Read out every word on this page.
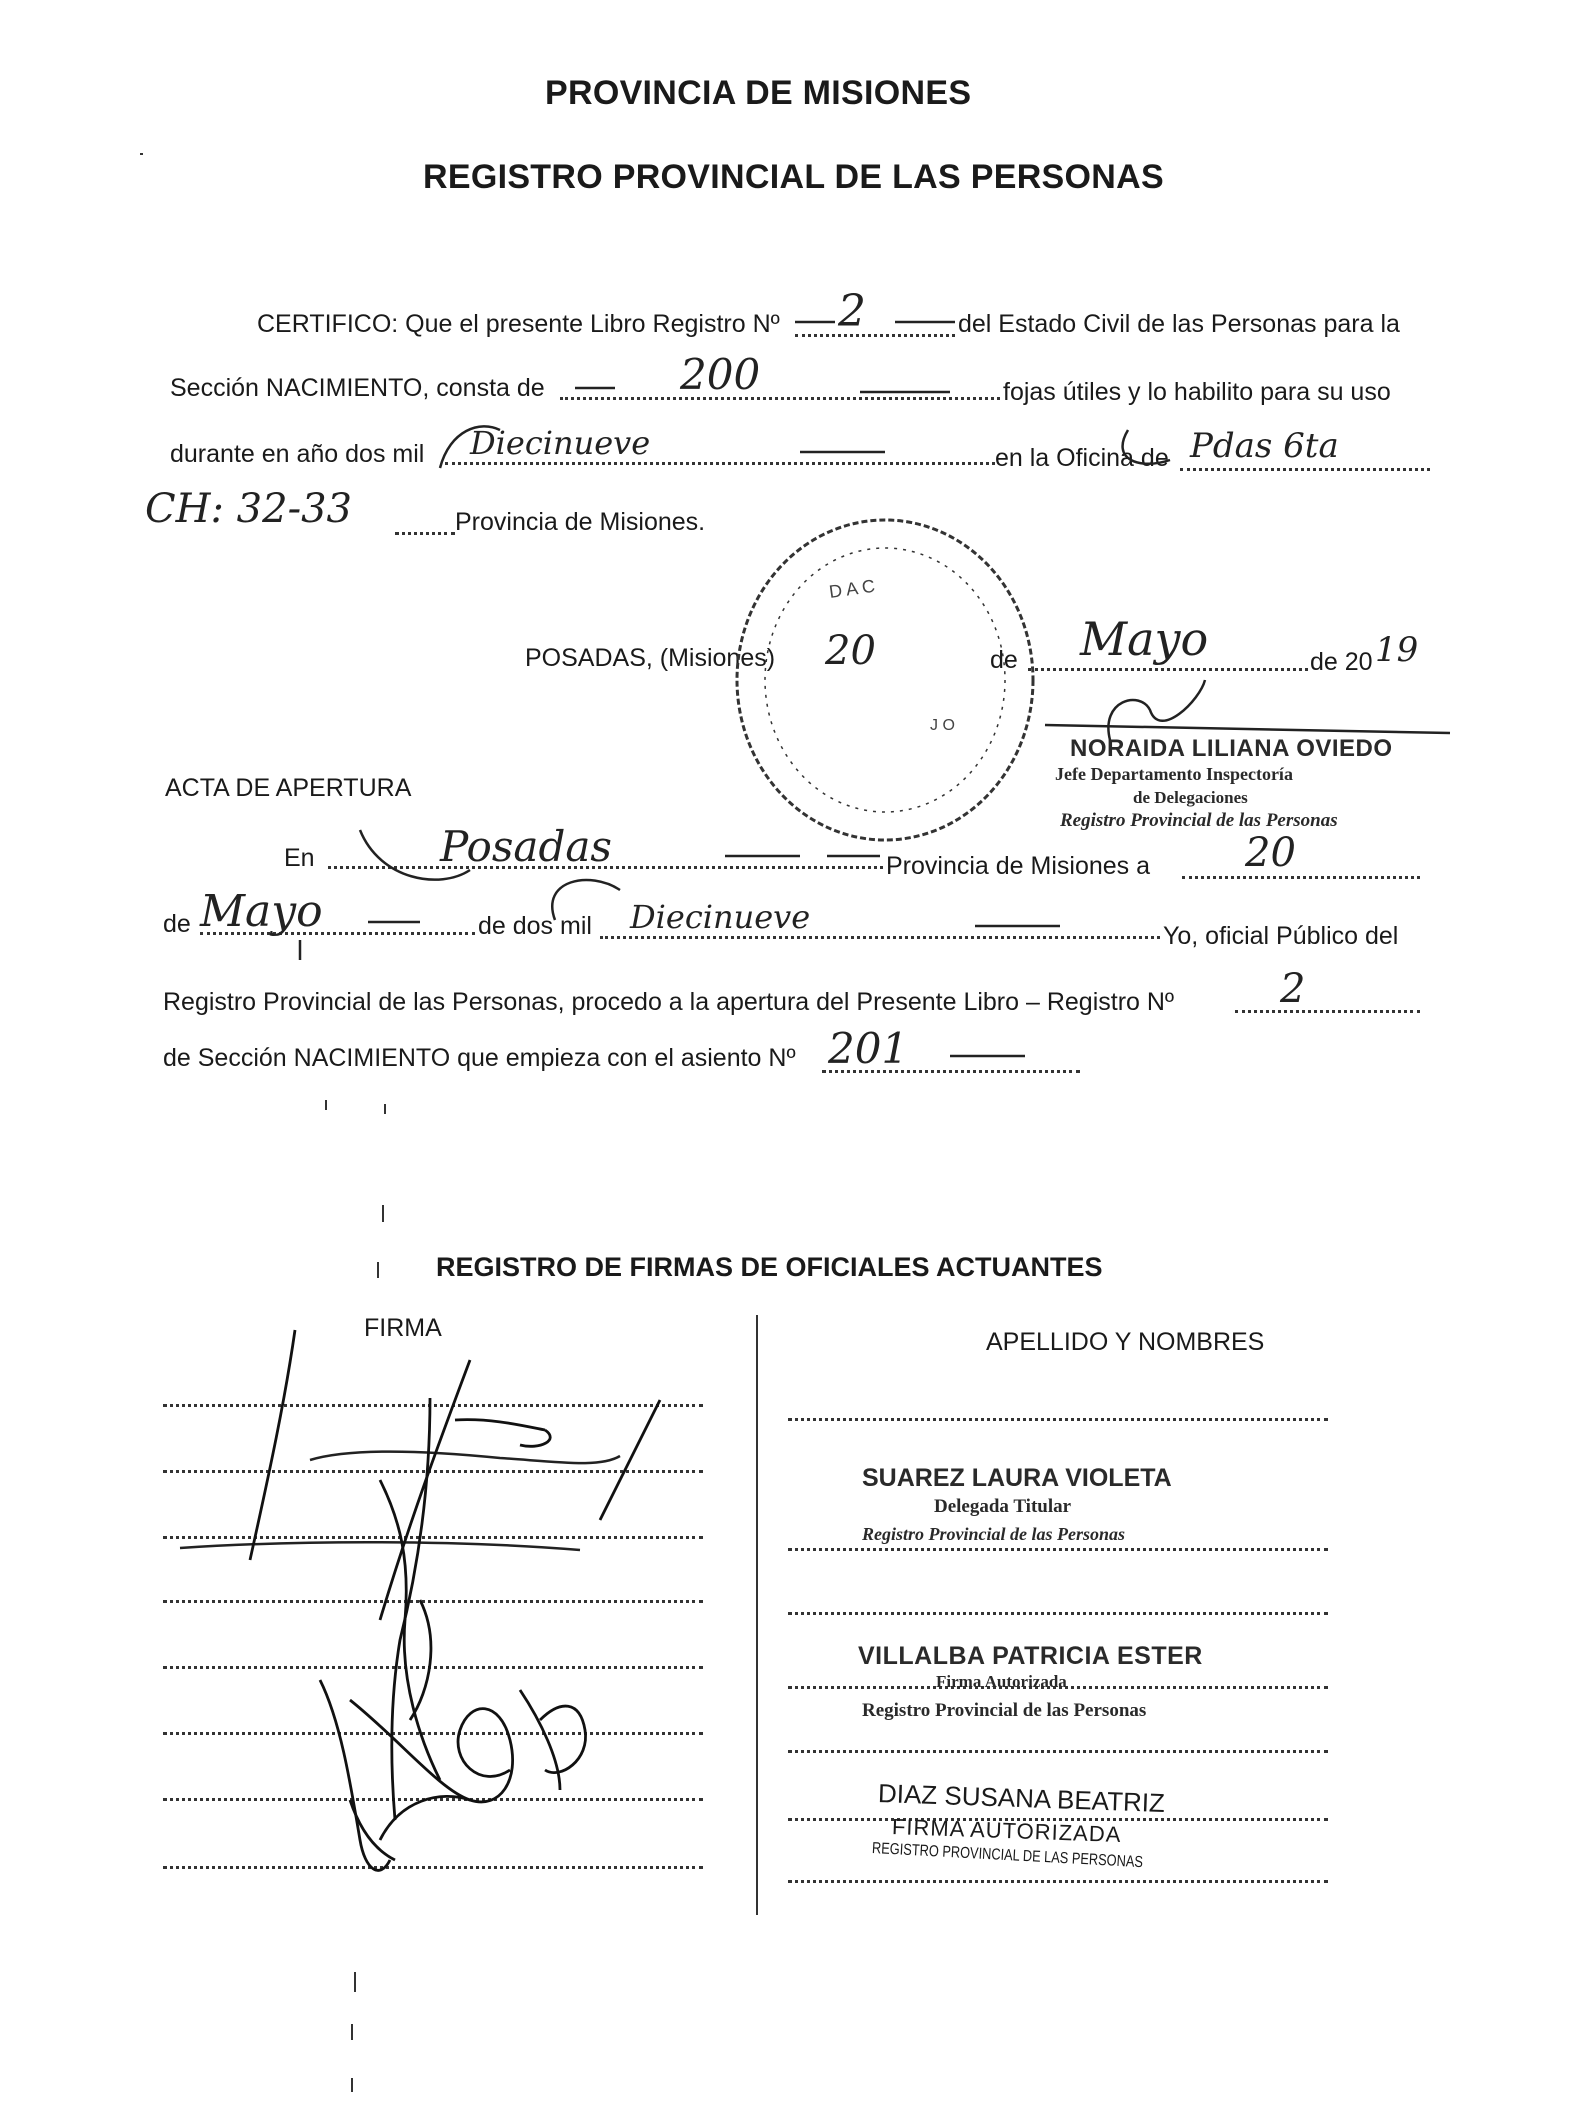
PROVINCIA DE MISIONES
REGISTRO PROVINCIAL DE LAS PERSONAS
CERTIFICO: Que el presente Libro Registro Nº 2	del Estado Civil de las Personas para la
Sección NACIMIENTO, consta de	200	fojas útiles y lo habilito para su uso
durante en año dos mil Diecinueve	en la Oficina de Pdas 6ta
CH: 32-33	Provincia de Misiones.
POSADAS, (Misiones) 20	de Mayo	de 20 19
NORAIDA LILIANA OVIEDO
Jefe Departamento Inspectoría
de Delegaciones
Registro Provincial de las Personas
ACTA DE APERTURA
En	Posadas	Provincia de Misiones a 20
de Mayo	de dos mil Diecinueve	Yo, oficial Público del
Registro Provincial de las Personas, procedo a la apertura del Presente Libro – Registro Nº	2
de Sección NACIMIENTO que empieza con el asiento Nº 201
REGISTRO DE FIRMAS DE OFICIALES ACTUANTES
FIRMA	APELLIDO Y NOMBRES
SUAREZ LAURA VIOLETA
Delegada Titular
Registro Provincial de las Personas
VILLALBA PATRICIA ESTER
Firma Autorizada
Registro Provincial de las Personas
DIAZ SUSANA BEATRIZ
FIRMA AUTORIZADA
REGISTRO PROVINCIAL DE LAS PERSONAS
D A C
J O
